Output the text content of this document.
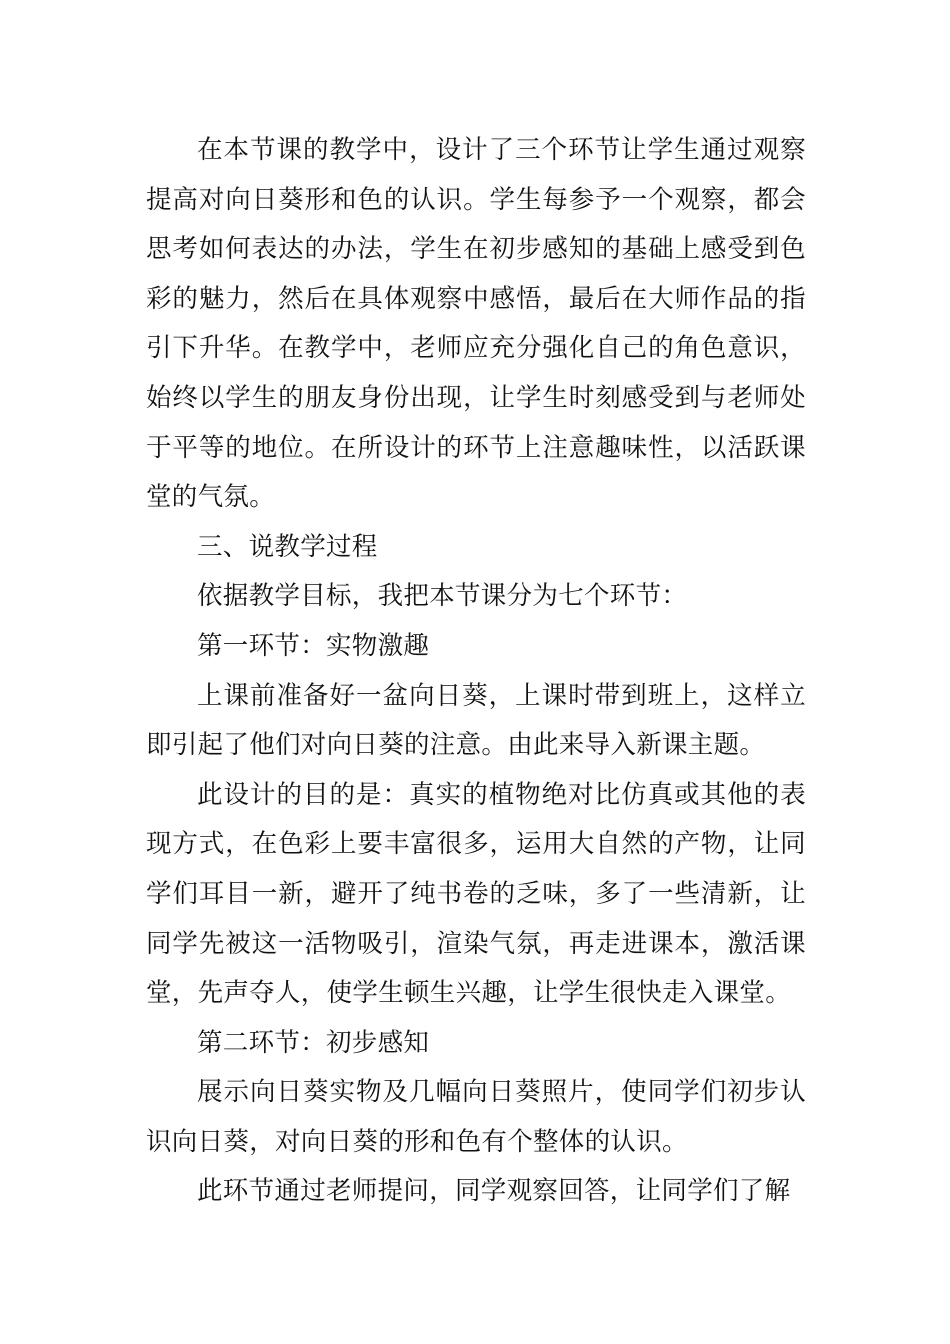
在本节课的教学中，设计了三个环节让学生通过观察提高对向日葵形和色的认识。学生每参予一个观察，都会思考如何表达的办法，学生在初步感知的基础上感受到色彩的魅力，然后在具体观察中感悟，最后在大师作品的指引下升华。在教学中，老师应充分强化自己的角色意识，始终以学生的朋友身份出现，让学生时刻感受到与老师处于平等的地位。在所设计的环节上注意趣味性，以活跃课堂的气氛。

三、说教学过程

依据教学目标，我把本节课分为七个环节：

第一环节：实物激趣

上课前准备好一盆向日葵，上课时带到班上，这样立即引起了他们对向日葵的注意。由此来导入新课主题。

此设计的目的是：真实的植物绝对比仿真或其他的表现方式，在色彩上要丰富很多，运用大自然的产物，让同学们耳目一新，避开了纯书卷的乏味，多了一些清新，让同学先被这一活物吸引，渲染气氛，再走进课本，激活课堂，先声夺人，使学生顿生兴趣，让学生很快走入课堂。

第二环节：初步感知

展示向日葵实物及几幅向日葵照片，使同学们初步认识向日葵，对向日葵的形和色有个整体的认识。

此环节通过老师提问，同学观察回答，让同学们了解
